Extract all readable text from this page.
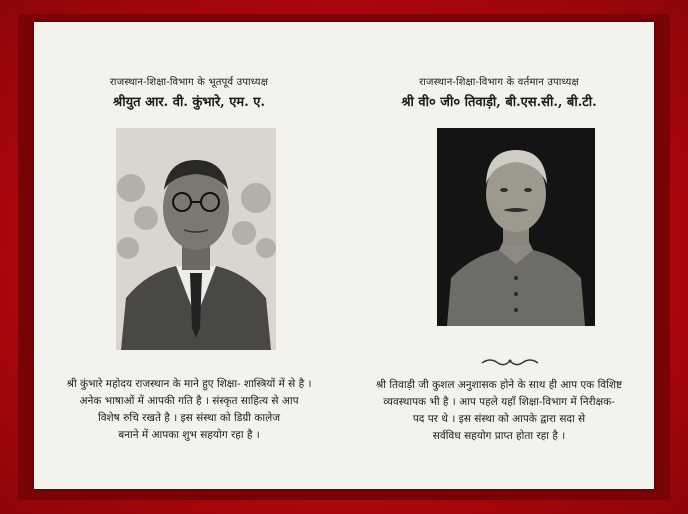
राजस्थान-शिक्षा-विभाग के भूतपूर्व उपाध्यक्ष
श्रीयुत आर. वी. कुंभारे, एम. ए.
श्री कुंभारे महोदय राजस्थान के माने हुए शिक्षा- शास्त्रियों में से है ।
अनेक भाषाओं में आपकी गति है । संस्कृत साहित्य से आप
विशेष रुचि रखते है । इस संस्था को डिग्री कालेज
बनाने में आपका शुभ सहयोग रहा है ।
राजस्थान-शिक्षा-विभाग के वर्तमान उपाध्यक्ष
श्री वी० जी० तिवाड़ी, बी.एस.सी., बी.टी.
श्री तिवाड़ी जी कुशल अनुशासक होने के साथ ही आप एक विशिष्ट
व्यवस्थापक भी है । आप पहले यहाँ शिक्षा-विभाग में निरीक्षक-
पद पर थे । इस संस्था को आपके द्वारा सदा से
सर्वविध सहयोग प्राप्त होता रहा है ।
